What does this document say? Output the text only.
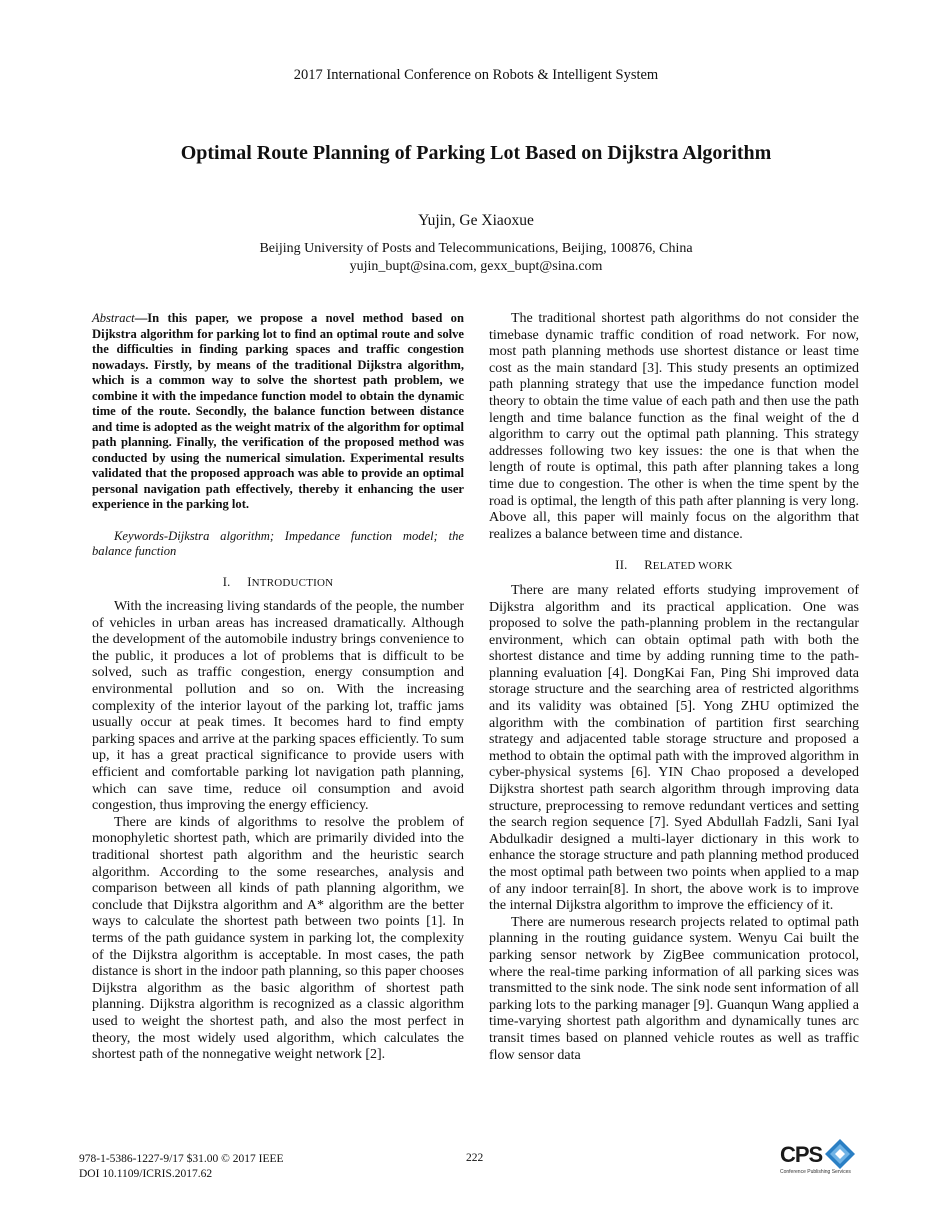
2017 International Conference on Robots & Intelligent System
Optimal Route Planning of Parking Lot Based on Dijkstra Algorithm
Yujin, Ge Xiaoxue
Beijing University of Posts and Telecommunications, Beijing, 100876, China
yujin_bupt@sina.com, gexx_bupt@sina.com

Abstract—In this paper, we propose a novel method based on Dijkstra algorithm for parking lot to find an optimal route and solve the difficulties in finding parking spaces and traffic congestion nowadays. Firstly, by means of the traditional Dijkstra algorithm, which is a common way to solve the shortest path problem, we combine it with the impedance function model to obtain the dynamic time of the route. Secondly, the balance function between distance and time is adopted as the weight matrix of the algorithm for optimal path planning. Finally, the verification of the proposed method was conducted by using the numerical simulation. Experimental results validated that the proposed approach was able to provide an optimal personal navigation path effectively, thereby it enhancing the user experience in the parking lot.

Keywords-Dijkstra algorithm; Impedance function model; the balance function

I. INTRODUCTION

With the increasing living standards of the people, the number of vehicles in urban areas has increased dramatically. Although the development of the automobile industry brings convenience to the public, it produces a lot of problems that is difficult to be solved, such as traffic congestion, energy consumption and environmental pollution and so on. With the increasing complexity of the interior layout of the parking lot, traffic jams usually occur at peak times. It becomes hard to find empty parking spaces and arrive at the parking spaces efficiently. To sum up, it has a great practical significance to provide users with efficient and comfortable parking lot navigation path planning, which can save time, reduce oil consumption and avoid congestion, thus improving the energy efficiency.

There are kinds of algorithms to resolve the problem of monophyletic shortest path, which are primarily divided into the traditional shortest path algorithm and the heuristic search algorithm. According to the some researches, analysis and comparison between all kinds of path planning algorithm, we conclude that Dijkstra algorithm and A* algorithm are the better ways to calculate the shortest path between two points [1]. In terms of the path guidance system in parking lot, the complexity of the Dijkstra algorithm is acceptable. In most cases, the path distance is short in the indoor path planning, so this paper chooses Dijkstra algorithm as the basic algorithm of shortest path planning. Dijkstra algorithm is recognized as a classic algorithm used to weight the shortest path, and also the most perfect in theory, the most widely used algorithm, which calculates the shortest path of the nonnegative weight network [2].

The traditional shortest path algorithms do not consider the timebase dynamic traffic condition of road network. For now, most path planning methods use shortest distance or least time cost as the main standard [3]. This study presents an optimized path planning strategy that use the impedance function model theory to obtain the time value of each path and then use the path length and time balance function as the final weight of the d algorithm to carry out the optimal path planning. This strategy addresses following two key issues: the one is that when the length of route is optimal, this path after planning takes a long time due to congestion. The other is when the time spent by the road is optimal, the length of this path after planning is very long. Above all, this paper will mainly focus on the algorithm that realizes a balance between time and distance.

II. RELATED WORK

There are many related efforts studying improvement of Dijkstra algorithm and its practical application. One was proposed to solve the path-planning problem in the rectangular environment, which can obtain optimal path with both the shortest distance and time by adding running time to the path-planning evaluation [4]. DongKai Fan, Ping Shi improved data storage structure and the searching area of restricted algorithms and its validity was obtained [5]. Yong ZHU optimized the algorithm with the combination of partition first searching strategy and adjacented table storage structure and proposed a method to obtain the optimal path with the improved algorithm in cyber-physical systems [6]. YIN Chao proposed a developed Dijkstra shortest path search algorithm through improving data structure, preprocessing to remove redundant vertices and setting the search region sequence [7]. Syed Abdullah Fadzli, Sani Iyal Abdulkadir designed a multi-layer dictionary in this work to enhance the storage structure and path planning method produced the most optimal path between two points when applied to a map of any indoor terrain[8]. In short, the above work is to improve the internal Dijkstra algorithm to improve the efficiency of it.

There are numerous research projects related to optimal path planning in the routing guidance system. Wenyu Cai built the parking sensor network by ZigBee communication protocol, where the real-time parking information of all parking sices was transmitted to the sink node. The sink node sent information of all parking lots to the parking manager [9]. Guanqun Wang applied a time-varying shortest path algorithm and dynamically tunes arc transit times based on planned vehicle routes as well as traffic flow sensor data

978-1-5386-1227-9/17 $31.00 © 2017 IEEE
DOI 10.1109/ICRIS.2017.62
222	CPS
Conference Publishing Services
